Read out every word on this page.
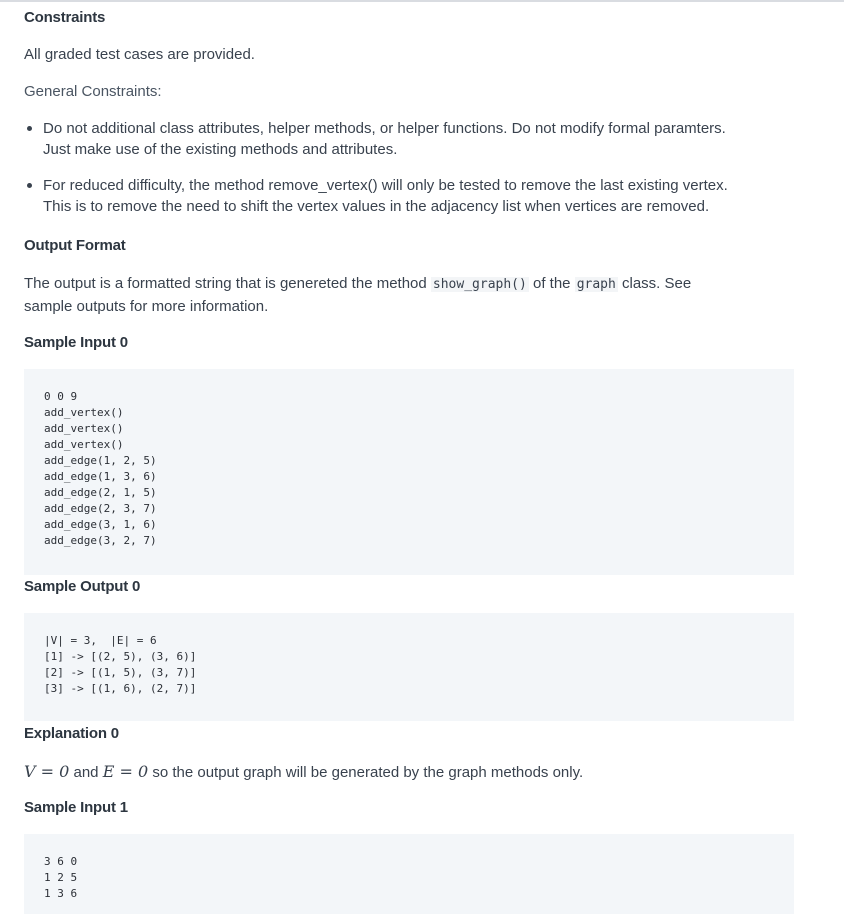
Constraints

All graded test cases are provided.

General Constraints:

Do not additional class attributes, helper methods, or helper functions. Do not modify formal paramters.
Just make use of the existing methods and attributes.
For reduced difficulty, the method remove_vertex() will only be tested to remove the last existing vertex.
This is to remove the need to shift the vertex values in the adjacency list when vertices are removed.
Output Format

The output is a formatted string that is genereted the method show_graph() of the graph class. See
sample outputs for more information.

Sample Input 0
0 0 9
add_vertex()
add_vertex()
add_vertex()
add_edge(1, 2, 5)
add_edge(1, 3, 6)
add_edge(2, 1, 5)
add_edge(2, 3, 7)
add_edge(3, 1, 6)
add_edge(3, 2, 7)
Sample Output 0
|V| = 3,  |E| = 6
[1] -> [(2, 5), (3, 6)]
[2] -> [(1, 5), (3, 7)]
[3] -> [(1, 6), (2, 7)]
Explanation 0

V = 0 and E = 0 so the output graph will be generated by the graph methods only.

Sample Input 1
3 6 0
1 2 5
1 3 6
